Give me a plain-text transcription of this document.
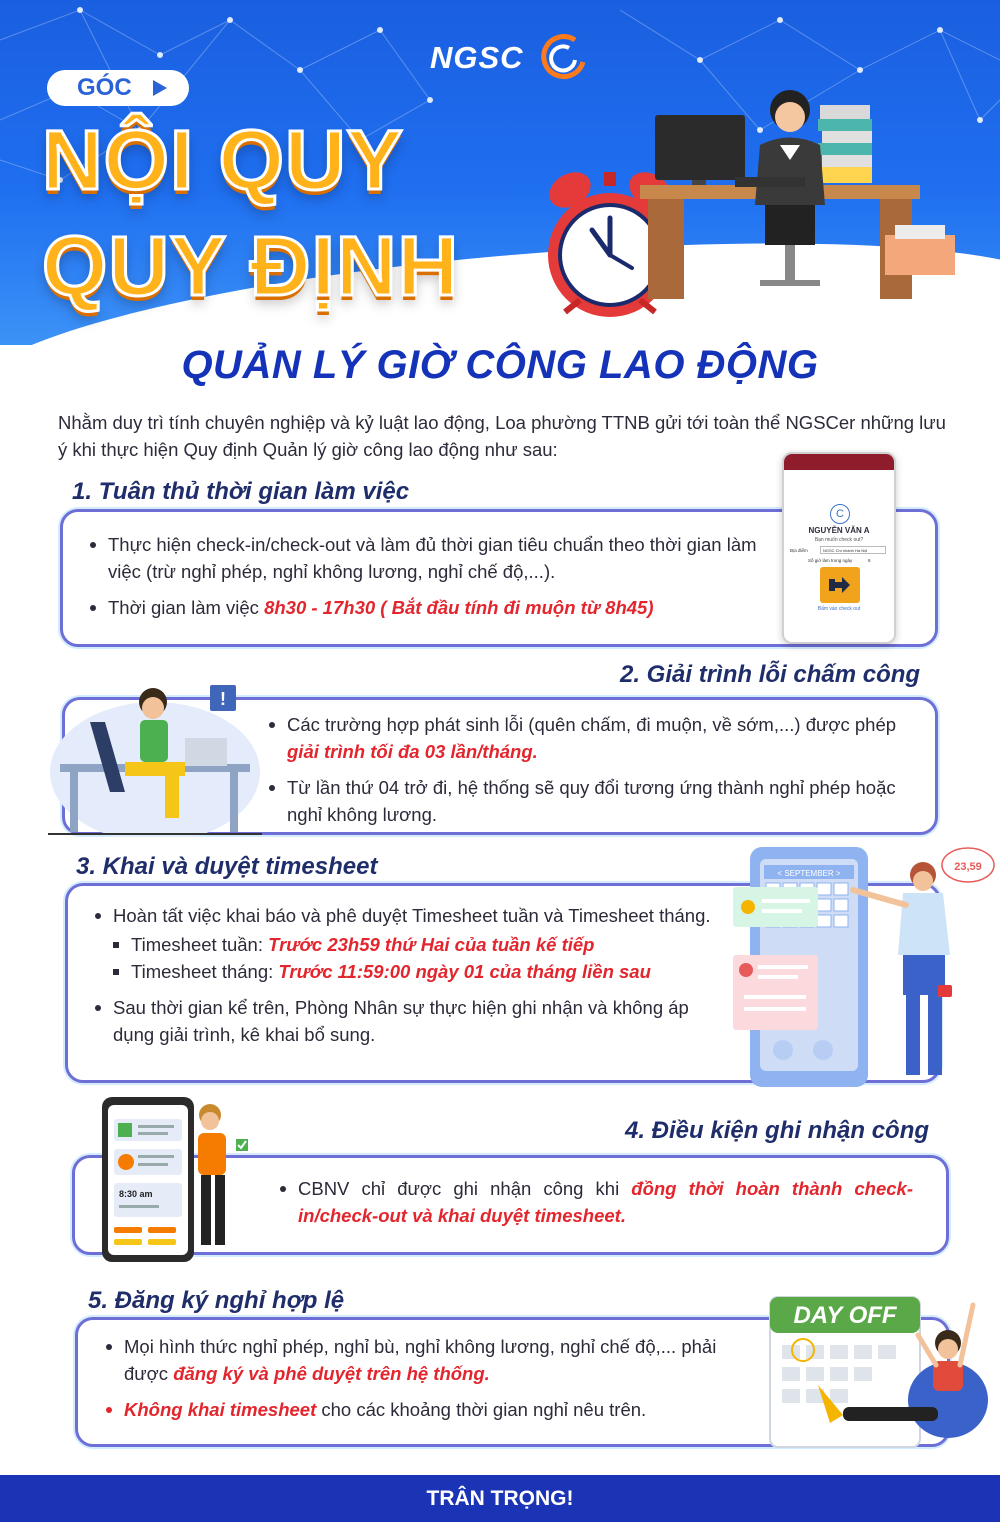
NGSC
GÓC
NỘI QUY
QUY ĐỊNH
QUẢN LÝ GIỜ CÔNG LAO ĐỘNG
Nhằm duy trì tính chuyên nghiệp và kỷ luật lao động, Loa phường TTNB gửi tới toàn thể NGSCer những lưu ý khi thực hiện Quy định Quản lý giờ công lao động như sau:
1. Tuân thủ thời gian làm việc
Thực hiện check-in/check-out và làm đủ thời gian tiêu chuẩn theo thời gian làm việc (trừ nghỉ phép, nghỉ không lương, nghỉ chế độ,...).
Thời gian làm việc 8h30 - 17h30 ( Bắt đầu tính đi muộn từ 8h45)
C
NGUYỄN VĂN A
Bạn muốn check out?
Địa điểm	NGSC Chi nhánh Hà Nội
Số giờ làm trong ngày	8
Bấm vào check out
2. Giải trình lỗi chấm công
Các trường hợp phát sinh lỗi (quên chấm, đi muộn, về sớm,...) được phép giải trình tối đa 03 lần/tháng.
Từ lần thứ 04 trở đi, hệ thống sẽ quy đổi tương ứng thành nghỉ phép hoặc nghỉ không lương.
!
3. Khai và duyệt timesheet
Hoàn tất việc khai báo và phê duyệt Timesheet tuần và Timesheet tháng.
Timesheet tuần: Trước 23h59 thứ Hai của tuần kế tiếp
Timesheet tháng: Trước 11:59:00 ngày 01 của tháng liền sau
Sau thời gian kể trên, Phòng Nhân sự thực hiện ghi nhận và không áp dụng giải trình, kê khai bổ sung.
< SEPTEMBER >
23,59
4. Điều kiện ghi nhận công
CBNV chỉ được ghi nhận công khi đồng thời hoàn thành check-in/check-out và khai duyệt timesheet.
8:30 am
5. Đăng ký nghỉ hợp lệ
Mọi hình thức nghỉ phép, nghỉ bù, nghỉ không lương, nghỉ chế độ,... phải được đăng ký và phê duyệt trên hệ thống.
Không khai timesheet cho các khoảng thời gian nghỉ nêu trên.
DAY OFF
TRÂN TRỌNG!
